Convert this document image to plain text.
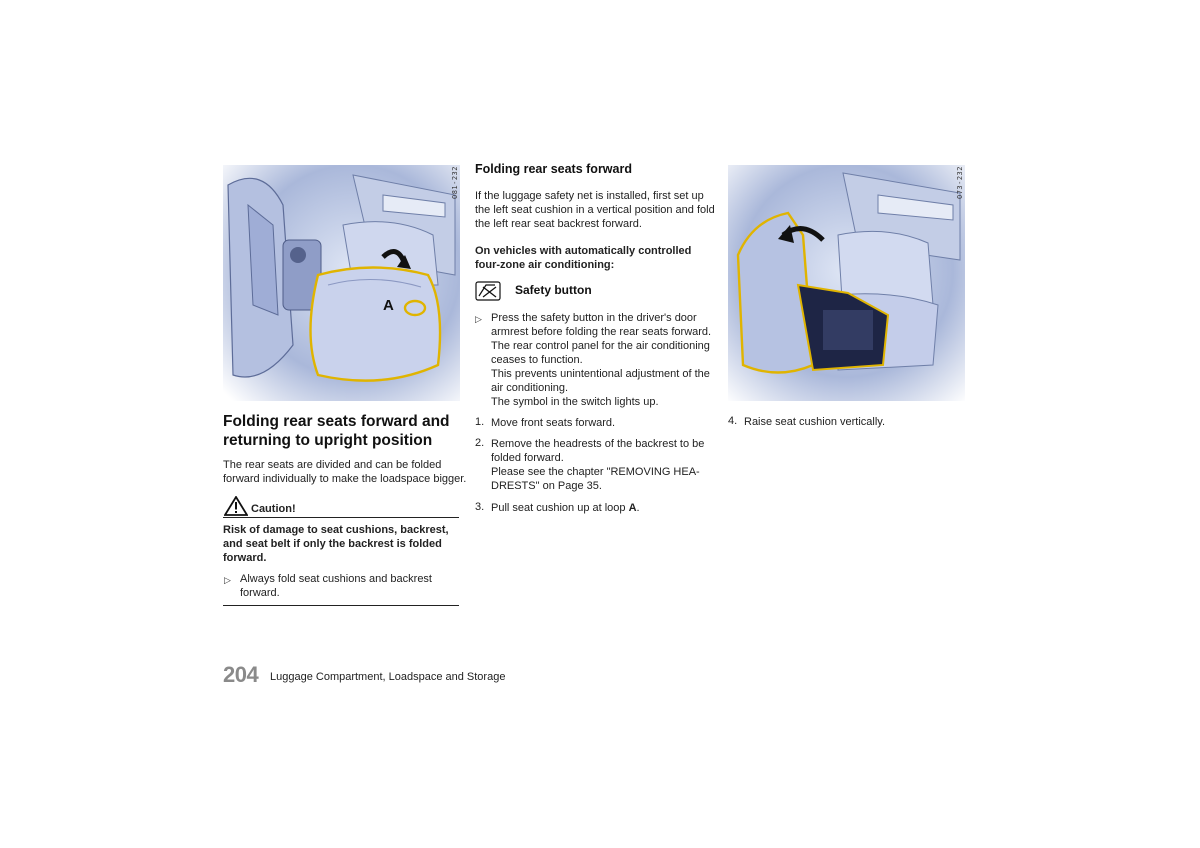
A
O81-232	O73-232
Folding rear seats forward and
returning to upright position
The rear seats are divided and can be folded
forward individually to make the loadspace bigger.
Caution!
Risk of damage to seat cushions, backrest,
and seat belt if only the backrest is folded
forward.
▷ Always fold seat cushions and backrest
forward.
Folding rear seats forward
If the luggage safety net is installed, first set up
the left seat cushion in a vertical position and fold
the left rear seat backrest forward.
On vehicles with automatically controlled
four-zone air conditioning:
Safety button
▷ Press the safety button in the driver's door
armrest before folding the rear seats forward.
The rear control panel for the air conditioning
ceases to function.
This prevents unintentional adjustment of the
air conditioning.
The symbol in the switch lights up.
1. Move front seats forward.
2. Remove the headrests of the backrest to be
folded forward.
Please see the chapter "REMOVING HEA-
DRESTS" on Page 35.
3. Pull seat cushion up at loop A.
4. Raise seat cushion vertically.
204 Luggage Compartment, Loadspace and Storage
